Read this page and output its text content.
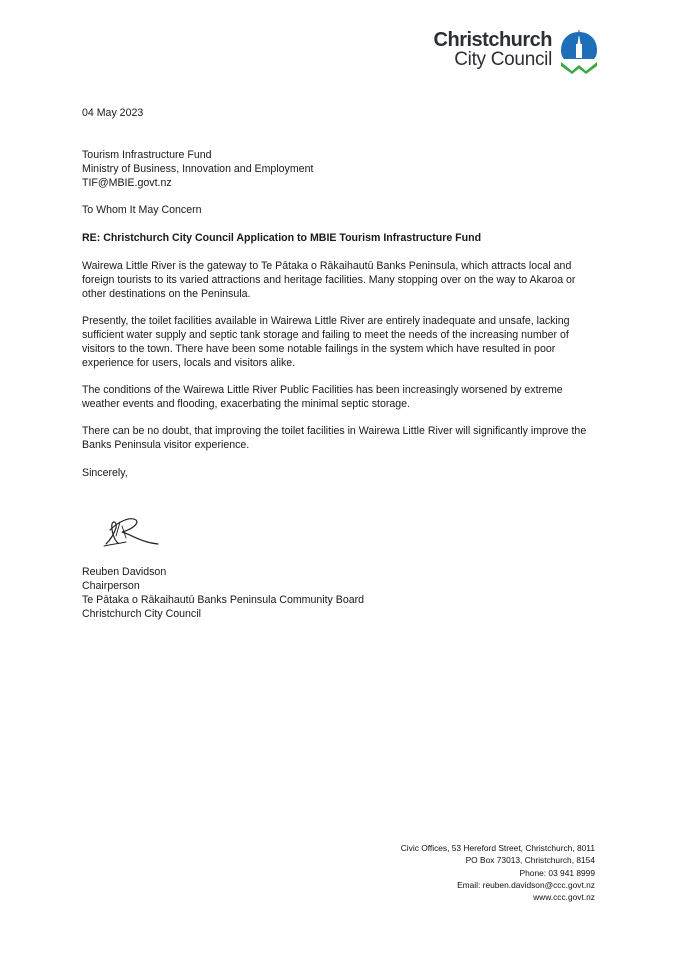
Christchurch
City Council

04 May 2023

Tourism Infrastructure Fund

Ministry of Business, Innovation and Employment

TIF@MBIE.govt.nz

To Whom It May Concern

RE: Christchurch City Council Application to MBIE Tourism Infrastructure Fund

Wairewa Little River is the gateway to Te Pātaka o Rākaihautū Banks Peninsula, which attracts local and foreign tourists to its varied attractions and heritage facilities. Many stopping over on the way to Akaroa or other destinations on the Peninsula.

Presently, the toilet facilities available in Wairewa Little River are entirely inadequate and unsafe, lacking sufficient water supply and septic tank storage and failing to meet the needs of the increasing number of visitors to the town. There have been some notable failings in the system which have resulted in poor experience for users, locals and visitors alike.

The conditions of the Wairewa Little River Public Facilities has been increasingly worsened by extreme weather events and flooding, exacerbating the minimal septic storage.

There can be no doubt, that improving the toilet facilities in Wairewa Little River will significantly improve the Banks Peninsula visitor experience.

Sincerely,

Reuben Davidson

Chairperson

Te Pātaka o Rākaihautū Banks Peninsula Community Board

Christchurch City Council

Civic Offices, 53 Hereford Street, Christchurch, 8011
PO Box 73013, Christchurch, 8154
Phone: 03 941 8999
Email: reuben.davidson@ccc.govt.nz
www.ccc.govt.nz
